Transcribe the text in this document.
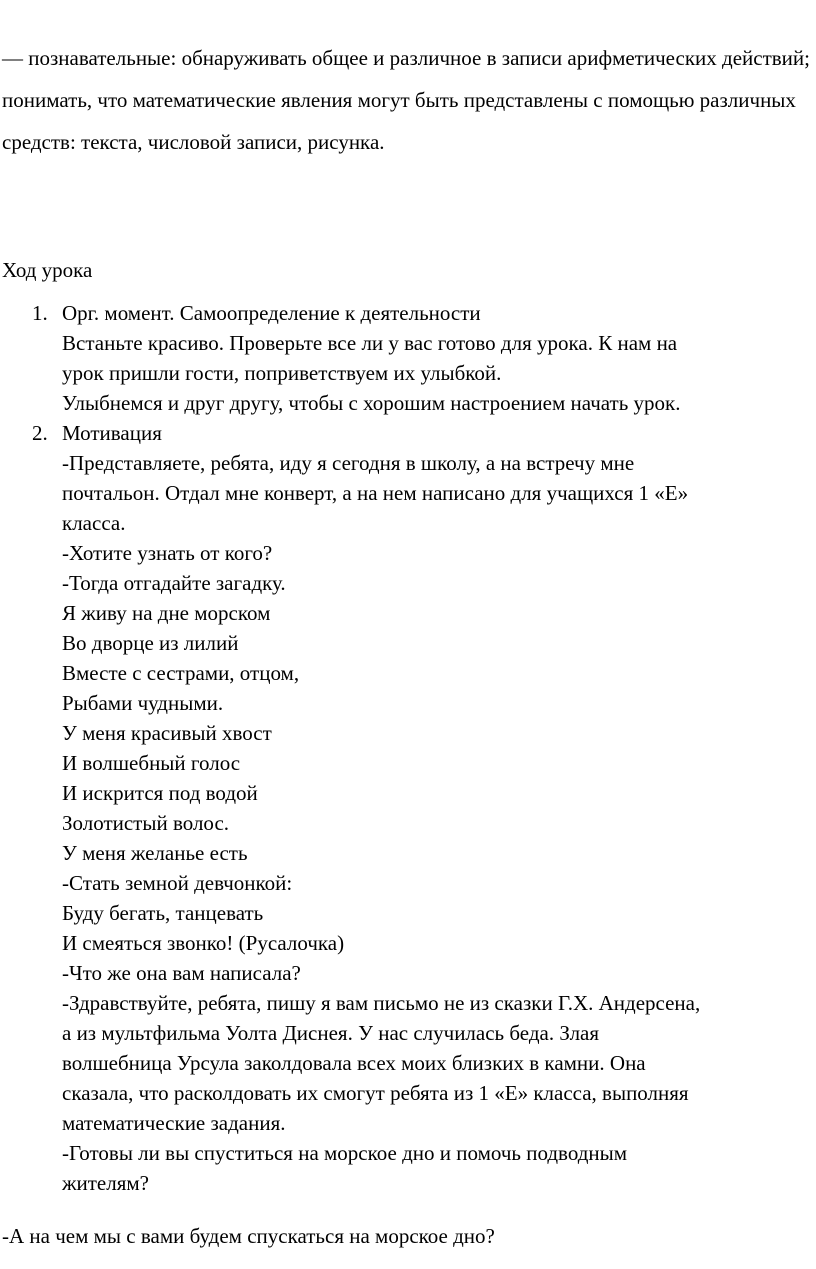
— познавательные: обнаруживать общее и различное в записи арифметических действий; понимать, что математические явления могут быть представлены с помощью различных средств: текста, числовой записи, рисунка.

Ход урока

1. Орг. момент. Самоопределение к деятельности
Встаньте красиво. Проверьте все ли у вас готово для урока. К нам на
урок пришли гости, поприветствуем их улыбкой.
Улыбнемся и друг другу, чтобы с хорошим настроением начать урок.
2. Мотивация
-Представляете, ребята, иду я сегодня в школу, а на встречу мне
почтальон. Отдал мне конверт, а на нем написано для учащихся 1 «Е»
класса.
-Хотите узнать от кого?
-Тогда отгадайте загадку.
Я живу на дне морском
Во дворце из лилий
Вместе с сестрами, отцом,
Рыбами чудными.
У меня красивый хвост
И волшебный голос
И искрится под водой
Золотистый волос.
У меня желанье есть
-Стать земной девчонкой:
Буду бегать, танцевать
И смеяться звонко! (Русалочка)
-Что же она вам написала?
-Здравствуйте, ребята, пишу я вам письмо не из сказки Г.Х. Андерсена,
а из мультфильма Уолта Диснея. У нас случилась беда. Злая
волшебница Урсула заколдовала всех моих близких в камни. Она
сказала, что расколдовать их смогут ребята из 1 «Е» класса, выполняя
математические задания.
-Готовы ли вы спуститься на морское дно и помочь подводным
жителям?

-А на чем мы с вами будем спускаться на морское дно?
